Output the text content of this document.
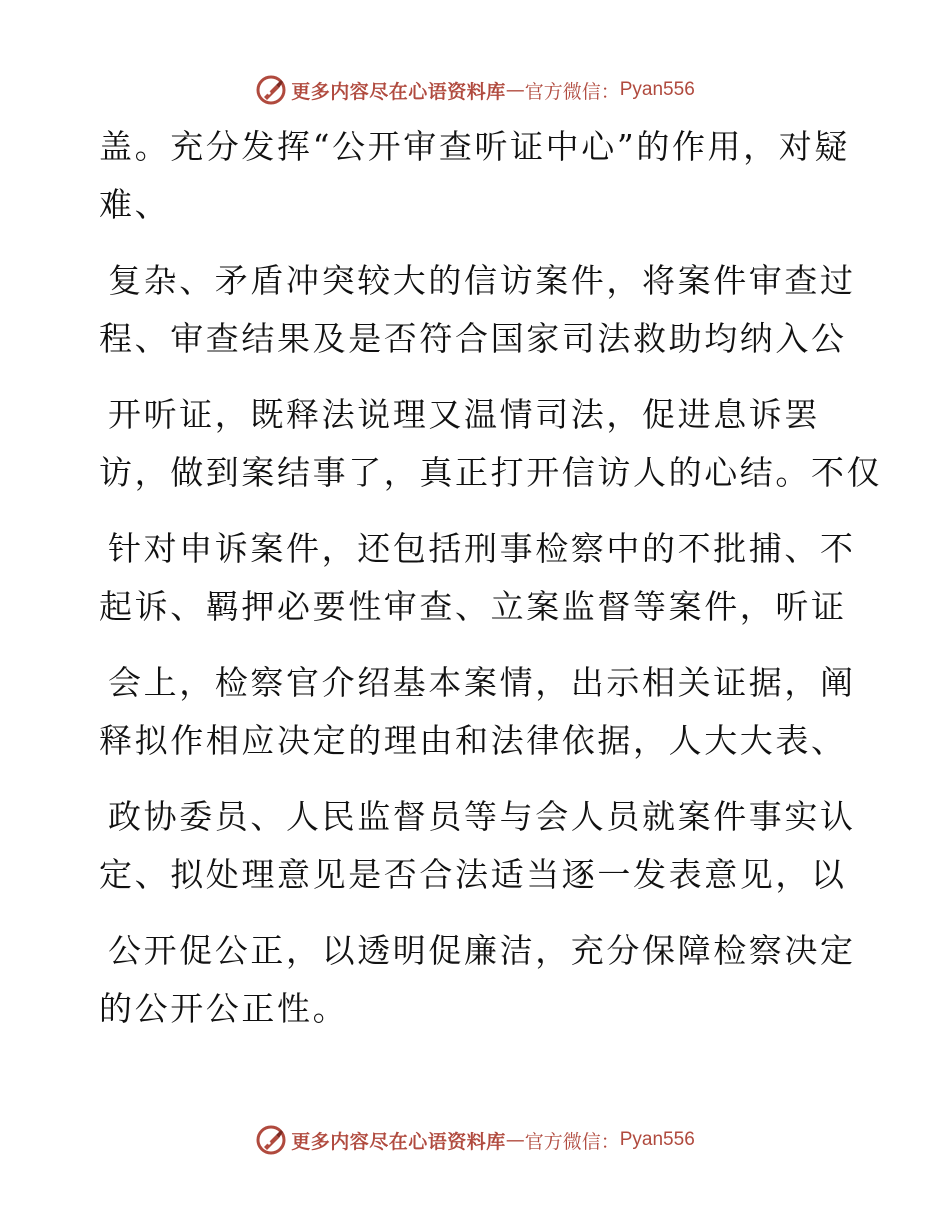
更多内容尽在心语资料库 — 官方微信： Pyan556
盖。充分发挥“公开审查听证中心”的作用，对疑
难、
复杂、矛盾冲突较大的信访案件，将案件审查过
程、审查结果及是否符合国家司法救助均纳入公
开听证，既释法说理又温情司法，促进息诉罢
访，做到案结事了，真正打开信访人的心结。不仅
针对申诉案件，还包括刑事检察中的不批捕、不
起诉、羁押必要性审查、立案监督等案件，听证
会上，检察官介绍基本案情，出示相关证据，阐
释拟作相应决定的理由和法律依据，人大大表、
政协委员、人民监督员等与会人员就案件事实认
定、拟处理意见是否合法适当逐一发表意见，以
公开促公正，以透明促廉洁，充分保障检察决定
的公开公正性。
更多内容尽在心语资料库 — 官方微信： Pyan556
